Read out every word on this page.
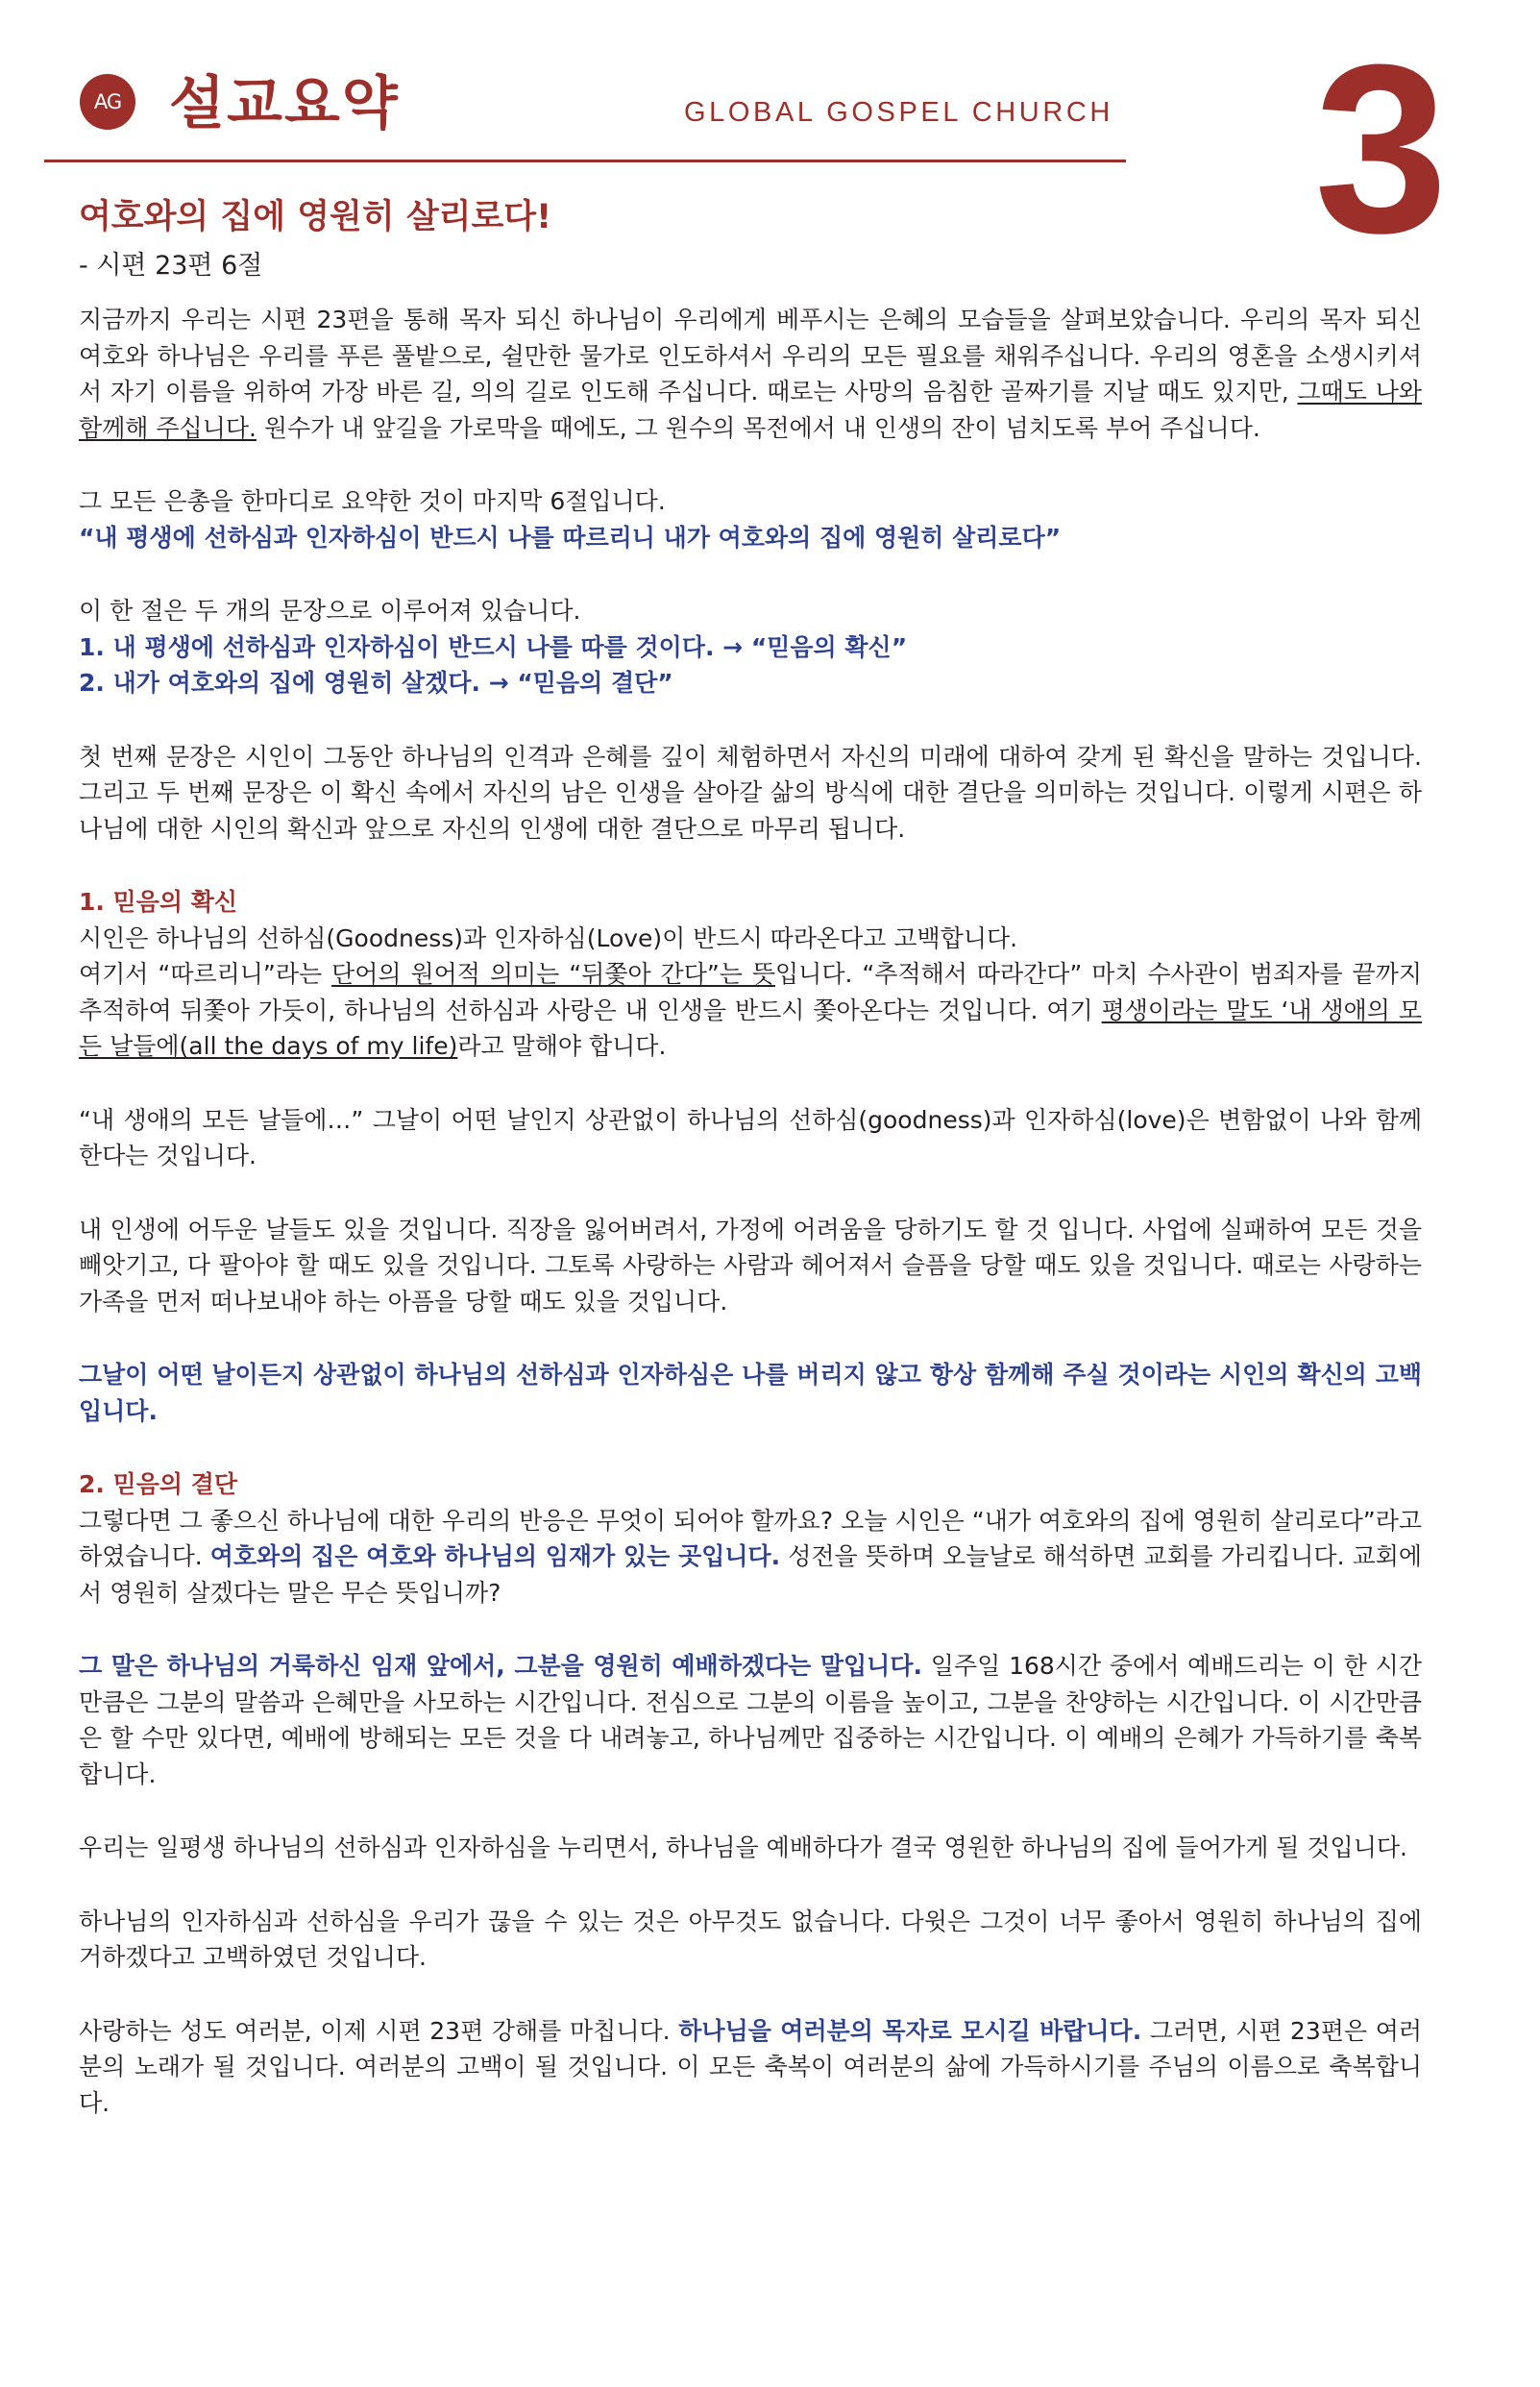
AG 설교요약	GLOBAL GOSPEL CHURCH 3
여호와의 집에 영원히 살리로다!
- 시편 23편 6절

지금까지 우리는 시편 23편을 통해 목자 되신 하나님이 우리에게 베푸시는 은혜의 모습들을 살펴보았습니다. 우리의 목자 되신 여호와 하나님은 우리를 푸른 풀밭으로, 쉴만한 물가로 인도하셔서 우리의 모든 필요를 채워주십니다. 우리의 영혼을 소생시키셔서 자기 이름을 위하여 가장 바른 길, 의의 길로 인도해 주십니다. 때로는 사망의 음침한 골짜기를 지날 때도 있지만, 그때도 나와 함께해 주십니다. 원수가 내 앞길을 가로막을 때에도, 그 원수의 목전에서 내 인생의 잔이 넘치도록 부어 주십니다.

그 모든 은총을 한마디로 요약한 것이 마지막 6절입니다.
“내 평생에 선하심과 인자하심이 반드시 나를 따르리니 내가 여호와의 집에 영원히 살리로다”

이 한 절은 두 개의 문장으로 이루어져 있습니다.
1. 내 평생에 선하심과 인자하심이 반드시 나를 따를 것이다. → “믿음의 확신”
2. 내가 여호와의 집에 영원히 살겠다. → “믿음의 결단”

첫 번째 문장은 시인이 그동안 하나님의 인격과 은혜를 깊이 체험하면서 자신의 미래에 대하여 갖게 된 확신을 말하는 것입니다. 그리고 두 번째 문장은 이 확신 속에서 자신의 남은 인생을 살아갈 삶의 방식에 대한 결단을 의미하는 것입니다. 이렇게 시편은 하나님에 대한 시인의 확신과 앞으로 자신의 인생에 대한 결단으로 마무리 됩니다.

1. 믿음의 확신
시인은 하나님의 선하심(Goodness)과 인자하심(Love)이 반드시 따라온다고 고백합니다.
여기서 “따르리니”라는 단어의 원어적 의미는 “뒤쫓아 간다”는 뜻입니다. “추적해서 따라간다” 마치 수사관이 범죄자를 끝까지 추적하여 뒤쫓아 가듯이, 하나님의 선하심과 사랑은 내 인생을 반드시 쫓아온다는 것입니다. 여기 평생이라는 말도 ‘내 생애의 모든 날들에(all the days of my life)라고 말해야 합니다.

“내 생애의 모든 날들에…” 그날이 어떤 날인지 상관없이 하나님의 선하심(goodness)과 인자하심(love)은 변함없이 나와 함께 한다는 것입니다.

내 인생에 어두운 날들도 있을 것입니다. 직장을 잃어버려서, 가정에 어려움을 당하기도 할 것 입니다. 사업에 실패하여 모든 것을 빼앗기고, 다 팔아야 할 때도 있을 것입니다. 그토록 사랑하는 사람과 헤어져서 슬픔을 당할 때도 있을 것입니다. 때로는 사랑하는 가족을 먼저 떠나보내야 하는 아픔을 당할 때도 있을 것입니다.

그날이 어떤 날이든지 상관없이 하나님의 선하심과 인자하심은 나를 버리지 않고 항상 함께해 주실 것이라는 시인의 확신의 고백입니다.

2. 믿음의 결단
그렇다면 그 좋으신 하나님에 대한 우리의 반응은 무엇이 되어야 할까요? 오늘 시인은 “내가 여호와의 집에 영원히 살리로다”라고 하였습니다. 여호와의 집은 여호와 하나님의 임재가 있는 곳입니다. 성전을 뜻하며 오늘날로 해석하면 교회를 가리킵니다. 교회에서 영원히 살겠다는 말은 무슨 뜻입니까?

그 말은 하나님의 거룩하신 임재 앞에서, 그분을 영원히 예배하겠다는 말입니다. 일주일 168시간 중에서 예배드리는 이 한 시간만큼은 그분의 말씀과 은혜만을 사모하는 시간입니다. 전심으로 그분의 이름을 높이고, 그분을 찬양하는 시간입니다. 이 시간만큼은 할 수만 있다면, 예배에 방해되는 모든 것을 다 내려놓고, 하나님께만 집중하는 시간입니다. 이 예배의 은혜가 가득하기를 축복합니다.

우리는 일평생 하나님의 선하심과 인자하심을 누리면서, 하나님을 예배하다가 결국 영원한 하나님의 집에 들어가게 될 것입니다.

하나님의 인자하심과 선하심을 우리가 끊을 수 있는 것은 아무것도 없습니다. 다윗은 그것이 너무 좋아서 영원히 하나님의 집에 거하겠다고 고백하였던 것입니다.

사랑하는 성도 여러분, 이제 시편 23편 강해를 마칩니다. 하나님을 여러분의 목자로 모시길 바랍니다. 그러면, 시편 23편은 여러분의 노래가 될 것입니다. 여러분의 고백이 될 것입니다. 이 모든 축복이 여러분의 삶에 가득하시기를 주님의 이름으로 축복합니다.
